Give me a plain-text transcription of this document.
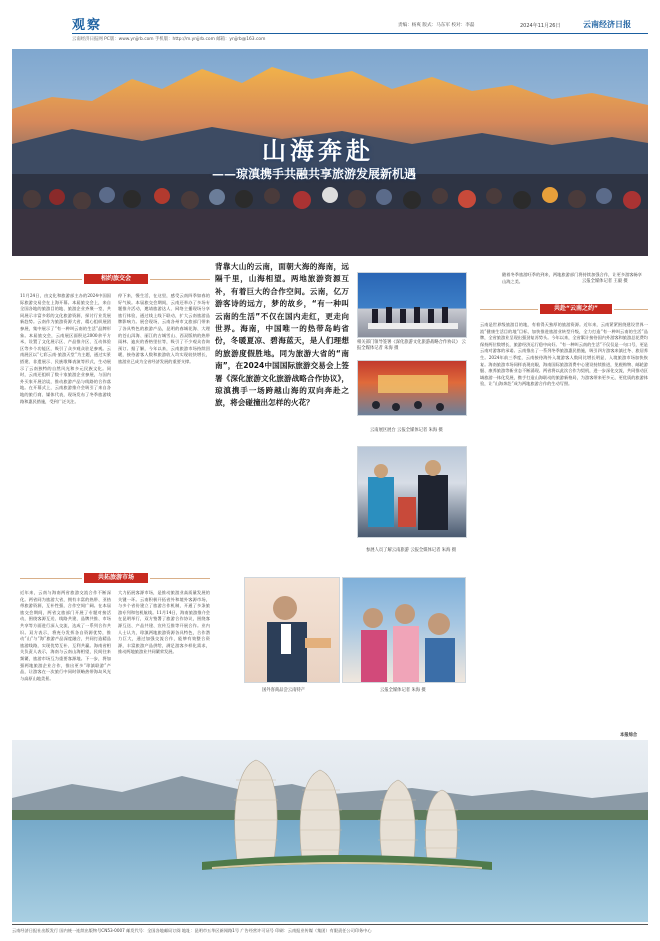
观察	责编：杨爽 版式：马东军 校对：李磊	2024年11月26日	云南经济日报
云南经济日报网 PC版：www.ynjjrb.com 手机版：http://m.ynjjrb.com 邮箱：ynjjrb@163.com
山海奔赴
——琼滇携手共融共享旅游发展新机遇
相约旅交会
11月24日，由文化和旅游部主办的2024中国国际旅游交易会在上海开幕。本届旅交会上，来自全国各地的旅游目的地、旅游企业齐聚一堂，共同展示丰富多彩的文化旅游资源，探讨行业发展新趋势。云南作为旅游资源大省，精心组织展团参展，集中展示了“有一种叫云南的生活”品牌形象。本届旅交会，云南展区面积达2000余平方米，设置了文化展示区、产品推介区、互动体验区等多个功能区，吸引了众多观众驻足参观。云南展区以“七彩云南·旅游天堂”为主题，通过实景搭建、非遗展示、民族歌舞表演等形式，生动展示了云南独特的自然风光和多元民族文化。同时，云南还组织了数十家旅游企业参展，与国内外买家开展洽谈，推动旅游产品与线路的合作落地。在开幕式上，云南旅游推介会吸引了来自各地的旅行商、媒体代表，现场发布了冬季旅游线路和惠民措施，受到广泛关注。
共拓旅游市场
近年来，云南与海南两省旅游交流合作不断深化。两省同为旅游大省，拥有丰富的热带、亚热带旅游资源，互补性强，合作空间广阔。在本届旅交会期间，两省文旅部门开展了专题对接活动，围绕客源互送、线路共建、品牌共推、市场共享等方面进行深入交流，达成了一系列合作共识。双方表示，将充分发挥各自资源优势，推动“山”与“海”旅游产品深度融合，共同打造精品旅游线路，实现优势互补、互利共赢。海南省相关负责人表示，海南与云南山海相望，民间往来频繁，旅游市场互为重要客源地。下一步，将加强两地旅游企业合作，推出更多“琼滇联游”产品，让游客在一次旅行中同时领略热带海岛风光与高原山地美景。
停下来，慢生活，在这里，感受云南四季如春的好气候。本届旅交会期间，云南还举办了多场专题推介活动，邀请旅游达人、网络主播现场分享旅行体验，通过线上线下联动，扩大云南旅游品牌影响力。展会现场，云南各州市文旅部门带来了各具特色的旅游产品，昆明的春城花海、大理的苍山洱海、丽江的古城雪山、西双版纳的热带雨林、迪庆的香格里拉等，吸引了不少观众咨询预订。据了解，今年以来，云南旅游市场持续回暖，接待游客人数和旅游收入均实现较快增长，旅游业已成为全省经济发展的重要支撑。
大力拓展客源市场，是推动旅游业高质量发展的关键一环。云南积极开拓省外和境外客源市场，与多个省份建立了旅游合作机制，开通了多条旅游专列和包机航线。11月14日，海南旅游推介会在昆明举行，双方签署了旅游合作协议，围绕客源互送、产品共建、宣传互推等开展合作。业内人士认为，琼滇两地旅游资源各具特色，合作潜力巨大，通过加强交流合作，能够有效整合资源，丰富旅游产品供给，满足游客多样化需求，推动两地旅游业共同繁荣发展。
背靠大山的云南，面朝大海的海南，远隔千里，山海相望。两地旅游资源互补，有着巨大的合作空间。云南，亿万游客诗的远方，梦的故乡，“有一种叫云南的生活”不仅在国内走红，更走向世界。海南，中国唯一的热带岛屿省份，冬暖夏凉、碧海蓝天，是人们理想的旅游度假胜地。同为旅游大省的“南南”，在2024中国国际旅游交易会上签署《深化旅游文化旅游战略合作协议》，琼滇携手一场跨越山海的双向奔赴之旅，将会碰撞出怎样的火花？
相关部门领导签署《深化旅游文化旅游战略合作协议》 云报全媒体记者 朱海 摄
云南展区展台 云报全媒体记者 朱海 摄
参展人员了解云南旅游 云报全媒体记者 朱海 摄
随着冬季旅游旺季的到来，两地旅游部门将持续加强合作，让更多游客畅享山海之美。	云报全媒体记者 王毅 摄
共赴“云南之约”
云南是世界级旅游目的地，有着得天独厚的旅游资源。近年来，云南紧紧围绕建设世界一流“健康生活目的地”目标，加快推进旅游业转型升级，全力打造“有一种叫云南的生活”品牌，全省旅游业呈现出强劲复苏势头。今年以来，全省累计接待国内外游客和旅游总花费均保持两位数增长，旅游经济运行稳中向好。“有一种叫云南的生活”不仅仅是一句口号，更是云南对游客的承诺。云南推出了一系列冬季旅游惠民措施，吸引四方游客来滇过冬、旅居养生。2024年前三季度，云南接待海外入境游客人数同比增长明显，入境旅游市场加快恢复。海南旅游市场同样表现亮眼，海南国际旅游消费中心建设持续推进，免税购物、邮轮游艇、康养旅游等新业态不断涌现。两省将以此次合作为契机，进一步深化交流，共同推动区域旅游一体化发展，携手打造山海联动的旅游新格局，为游客带来更多元、更优质的旅游体验，让“山海奔赴”成为两地旅游合作的生动写照。
本报综合
国外客商品尝云南特产	云报全媒体记者 朱海 摄
云南经济日报社出版发行 国内统一连续出版物号CN53-0007 邮发代号：全国各地邮局订阅 地址：昆明市五华区新闻路1号 广告经营许可证号 印刷：云南报业传媒（集团）有限责任公司印务中心
